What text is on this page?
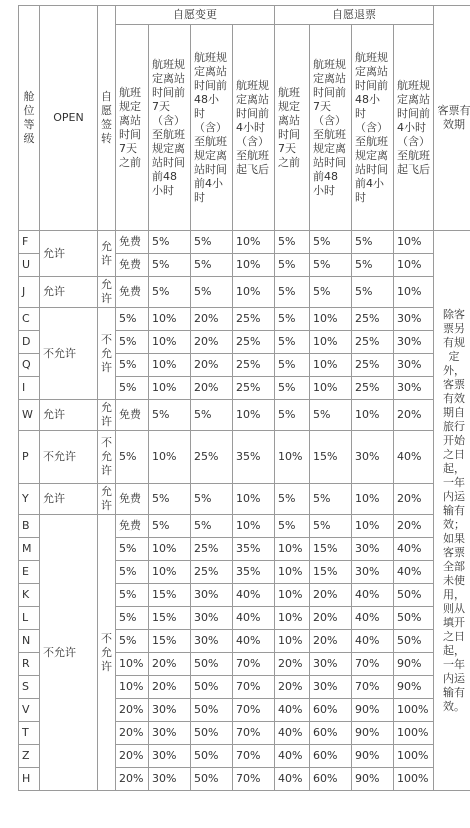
舱位等级	OPEN	自愿签转	自愿变更				自愿退票				客票有效期
			航班规定离站时间7天之前	航班规定离站时间前7天（含）至航班规定离站时间前48小时	航班规定离站时间前48小时（含）至航班规定离站时间前4小时	航班规定离站时间前4小时（含）至航班起飞后	航班规定离站时间7天之前	航班规定离站时间前7天（含）至航班规定离站时间前48小时	航班规定离站时间前48小时（含）至航班规定离站时间前4小时	航班规定离站时间前4小时（含）至航班起飞后	
F	允许	允许	免费	5%	5%	10%	5%	5%	5%	10%	除客票另有规定外，客票有效期自旅行开始之日起，一年内运输有效；如果客票全部未使用，则从填开之日起，一年内运输有效。
U			免费	5%	5%	10%	5%	5%	5%	10%	
J	允许	允许	免费	5%	5%	10%	5%	5%	5%	10%	
C	不允许	不允许	5%	10%	20%	25%	5%	10%	25%	30%	
D			5%	10%	20%	25%	5%	10%	25%	30%	
Q			5%	10%	20%	25%	5%	10%	25%	30%	
I			5%	10%	20%	25%	5%	10%	25%	30%	
W	允许	允许	免费	5%	5%	10%	5%	5%	10%	20%	
P	不允许	不允许	5%	10%	25%	35%	10%	15%	30%	40%	
Y	允许	允许	免费	5%	5%	10%	5%	5%	10%	20%	
B	不允许	不允许	免费	5%	5%	10%	5%	5%	10%	20%	
M			5%	10%	25%	35%	10%	15%	30%	40%	
E			5%	10%	25%	35%	10%	15%	30%	40%	
K			5%	15%	30%	40%	10%	20%	40%	50%	
L			5%	15%	30%	40%	10%	20%	40%	50%	
N			5%	15%	30%	40%	10%	20%	40%	50%	
R			10%	20%	50%	70%	20%	30%	70%	90%	
S			10%	20%	50%	70%	20%	30%	70%	90%	
V			20%	30%	50%	70%	40%	60%	90%	100%	
T			20%	30%	50%	70%	40%	60%	90%	100%	
Z			20%	30%	50%	70%	40%	60%	90%	100%	
H			20%	30%	50%	70%	40%	60%	90%	100%	
